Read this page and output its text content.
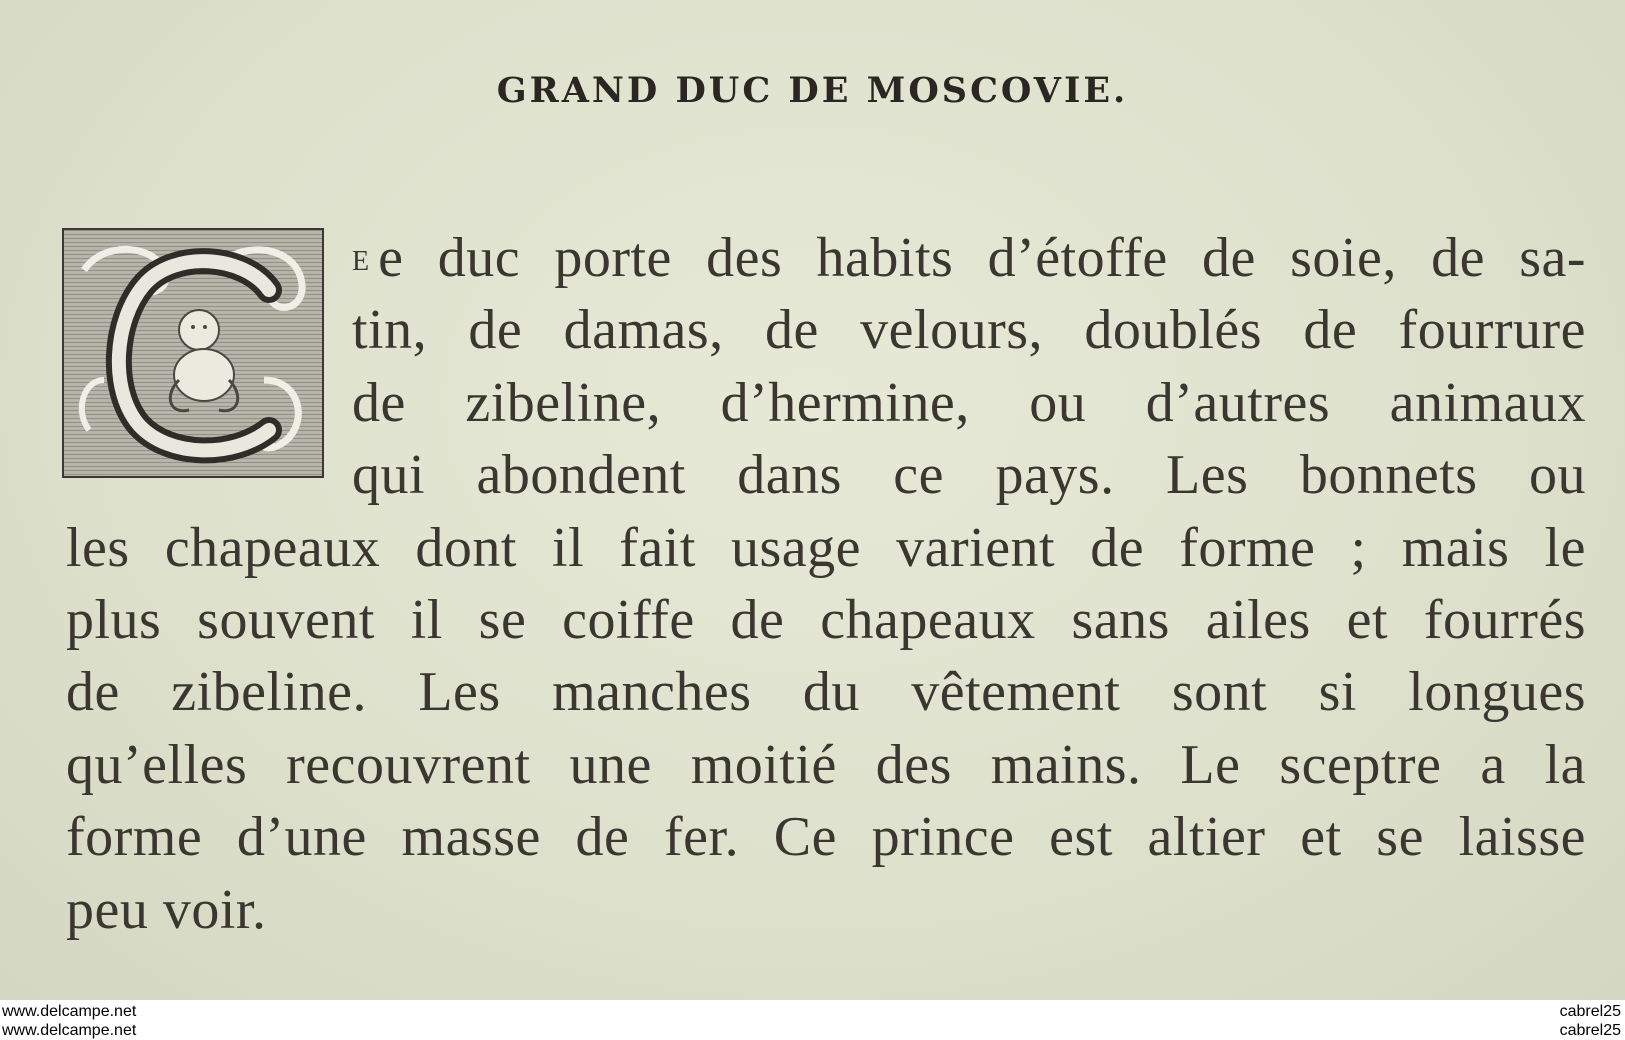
GRAND DUC DE MOSCOVIE.
E e duc porte des habits d’étoffe de soie, de sa-
tin, de damas, de velours, doublés de fourrure
de zibeline, d’hermine, ou d’autres animaux
qui abondent dans ce pays. Les bonnets ou
les chapeaux dont il fait usage varient de forme ; mais le
plus souvent il se coiffe de chapeaux sans ailes et fourrés
de zibeline. Les manches du vêtement sont si longues
qu’elles recouvrent une moitié des mains. Le sceptre a la
forme d’une masse de fer. Ce prince est altier et se laisse
peu voir.
www.delcampe.net
www.delcampe.net
cabrel25
cabrel25
